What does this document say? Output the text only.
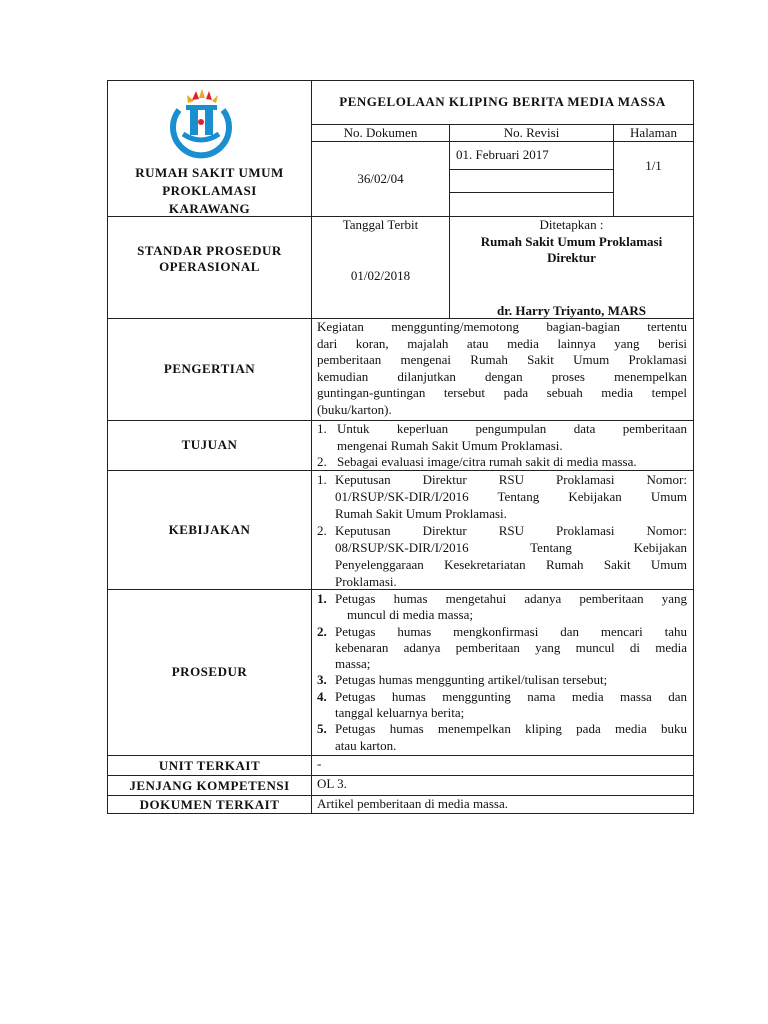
RUMAH SAKIT UMUM
PROKLAMASI
KARAWANG
PENGELOLAAN KLIPING BERITA MEDIA MASSA
No. Dokumen	No. Revisi	Halaman
36/02/04
01. Februari 2017
1/1
STANDAR PROSEDUR
OPERASIONAL
Tanggal Terbit
01/02/2018
Ditetapkan :
Rumah Sakit Umum Proklamasi
Direktur
dr. Harry Triyanto, MARS
PENGERTIAN
TUJUAN
KEBIJAKAN
PROSEDUR
UNIT TERKAIT
JENJANG KOMPETENSI
DOKUMEN TERKAIT
Kegiatan menggunting/memotong bagian-bagian tertentu
dari koran, majalah atau media lainnya yang berisi
pemberitaan mengenai Rumah Sakit Umum Proklamasi
kemudian dilanjutkan dengan proses menempelkan
guntingan-guntingan tersebut pada sebuah media tempel
(buku/karton).
1. Untuk keperluan pengumpulan data pemberitaan
mengenai Rumah Sakit Umum Proklamasi.
2. Sebagai evaluasi image/citra rumah sakit di media massa.
1. Keputusan Direktur RSU Proklamasi Nomor:
01/RSUP/SK-DIR/I/2016 Tentang Kebijakan Umum
Rumah Sakit Umum Proklamasi.
2. Keputusan Direktur RSU Proklamasi Nomor:
08/RSUP/SK-DIR/I/2016 Tentang Kebijakan
Penyelenggaraan Kesekretariatan Rumah Sakit Umum
Proklamasi.
1. Petugas humas mengetahui adanya pemberitaan yang
muncul di media massa;
2. Petugas humas mengkonfirmasi dan mencari tahu
kebenaran adanya pemberitaan yang muncul di media
massa;
3. Petugas humas menggunting artikel/tulisan tersebut;
4. Petugas humas menggunting nama media massa dan
tanggal keluarnya berita;
5. Petugas humas menempelkan kliping pada media buku
atau karton.
-
OL 3.
Artikel pemberitaan di media massa.
